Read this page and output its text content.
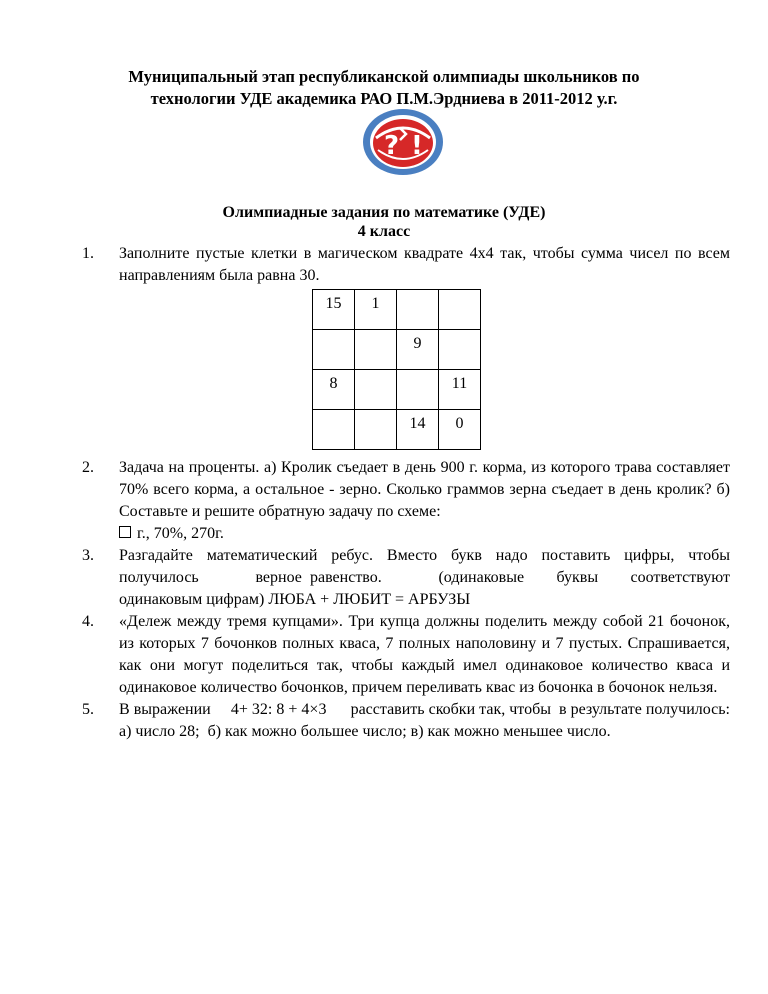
Муниципальный этап республиканской олимпиады школьников по
технологии УДЕ академика РАО П.М.Эрдниева в 2011-2012 у.г.
? !
Олимпиадные задания по математике (УДЕ)
4 класс
1. Заполните пустые клетки в магическом квадрате 4х4 так, чтобы сумма чисел по всем направлениям была равна 30.

15	1		
		9	
8			11
		14	0
2. Задача на проценты. а) Кролик съедает в день 900 г. корма, из которого трава составляет 70% всего корма, а остальное - зерно. Сколько граммов зерна съедает в день кролик? б) Составьте и решите обратную задачу по схеме:

г., 70%, 270г.

3. Разгадайте математический ребус. Вместо букв надо поставить цифры, чтобы

получилось       верное равенство.       (одинаковые    буквы    соответствуют

одинаковым цифрам) ЛЮБА + ЛЮБИТ = АРБУЗЫ

4. «Дележ между тремя купцами». Три купца должны поделить между собой 21 бочонок, из которых 7 бочонков полных кваса, 7 полных наполовину и 7 пустых. Спрашивается, как они могут поделиться так, чтобы каждый имел одинаковое количество кваса и одинаковое количество бочонков, причем переливать квас из бочонка в бочонок нельзя.

5. В выражении     4+ 32: 8 + 4×3      расставить скобки так, чтобы  в результате получилось: а) число 28;  б) как можно большее число; в) как можно меньшее число.
